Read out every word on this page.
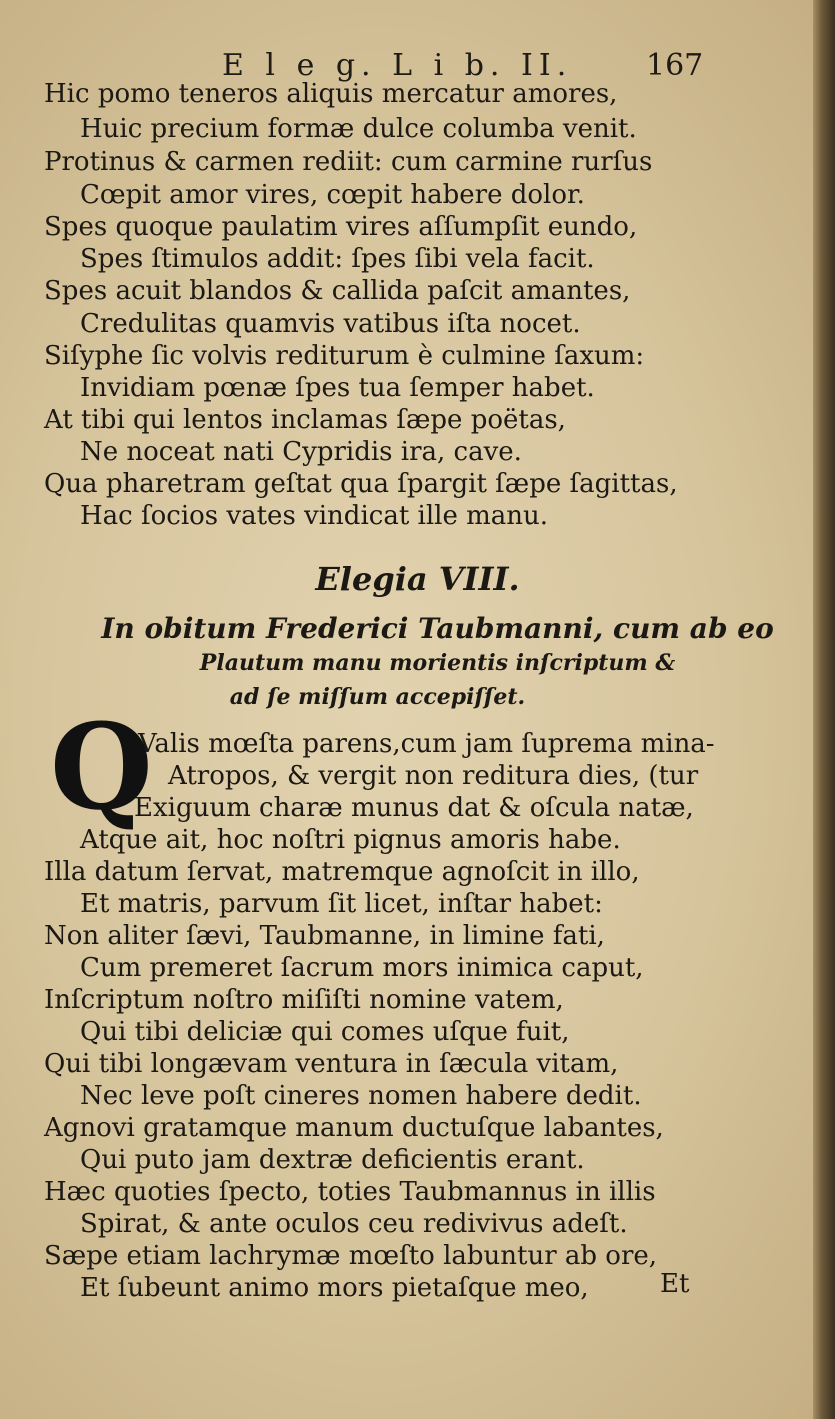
E l e g. L i b. II. 167
Hic pomo teneros aliquis mercatur amores,
Huic precium formæ dulce columba venit.
Protinus & carmen rediit: cum carmine rurſus
Cœpit amor vires, cœpit habere dolor.
Spes quoque paulatim vires aſſumpſit eundo,
Spes ſtimulos addit: ſpes ſibi vela facit.
Spes acuit blandos & callida paſcit amantes,
Credulitas quamvis vatibus iſta nocet.
Siſyphe ſic volvis rediturum è culmine ſaxum:
Invidiam pœnæ ſpes tua ſemper habet.
At tibi qui lentos inclamas ſæpe poëtas,
Ne noceat nati Cypridis ira, cave.
Qua pharetram geſtat qua ſpargit ſæpe ſagittas,
Hac ſocios vates vindicat ille manu.
Elegia VIII.
In obitum Frederici Taubmanni, cum ab eo
Plautum manu morientis inſcriptum &
ad ſe miſſum accepiſſet.
Q
Valis mœſta parens,cum jam ſuprema mina-
Atropos, & vergit non reditura dies, (tur
Exiguum charæ munus dat & oſcula natæ,
Atque ait, hoc noſtri pignus amoris habe.
Illa datum ſervat, matremque agnoſcit in illo,
Et matris, parvum ſit licet, inſtar habet:
Non aliter ſævi, Taubmanne, in limine fati,
Cum premeret ſacrum mors inimica caput,
Inſcriptum noſtro miſiſti nomine vatem,
Qui tibi deliciæ qui comes uſque fuit,
Qui tibi longævam ventura in ſæcula vitam,
Nec leve poſt cineres nomen habere dedit.
Agnovi gratamque manum ductuſque labantes,
Qui puto jam dextræ deficientis erant.
Hæc quoties ſpecto, toties Taubmannus in illis
Spirat, & ante oculos ceu redivivus adeſt.
Sæpe etiam lachrymæ mœſto labuntur ab ore,
Et ſubeunt animo mors pietaſque meo,	Et
